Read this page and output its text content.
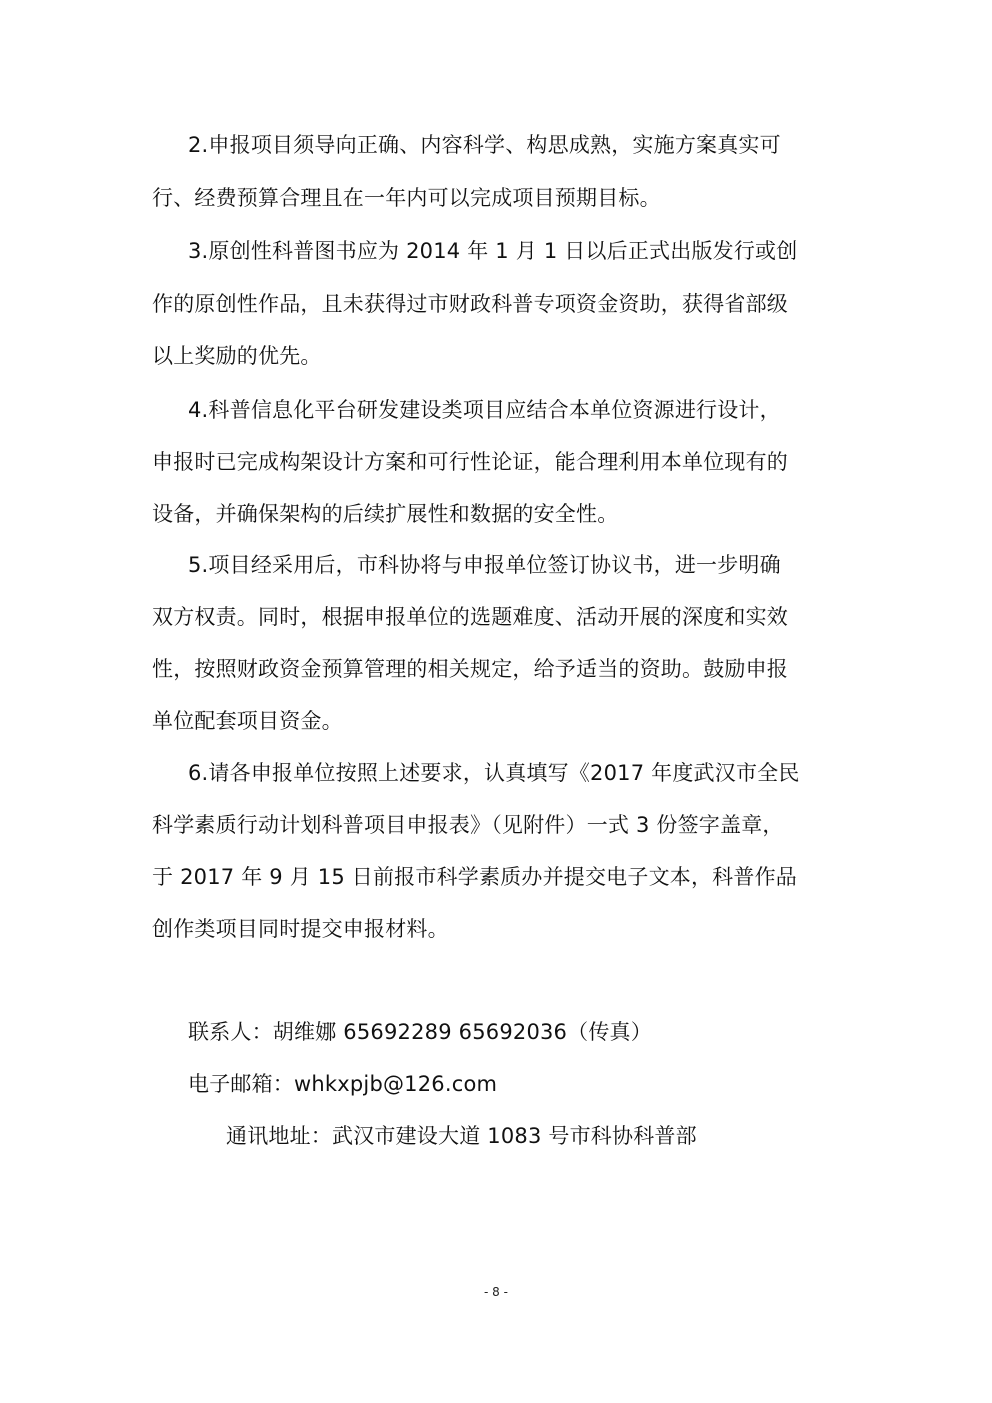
2.申报项目须导向正确、内容科学、构思成熟，实施方案真实可
行、经费预算合理且在一年内可以完成项目预期目标。
3.原创性科普图书应为 2014 年 1 月 1 日以后正式出版发行或创
作的原创性作品，且未获得过市财政科普专项资金资助，获得省部级
以上奖励的优先。
4.科普信息化平台研发建设类项目应结合本单位资源进行设计，
申报时已完成构架设计方案和可行性论证，能合理利用本单位现有的
设备，并确保架构的后续扩展性和数据的安全性。
5.项目经采用后，市科协将与申报单位签订协议书，进一步明确
双方权责。同时，根据申报单位的选题难度、活动开展的深度和实效
性，按照财政资金预算管理的相关规定，给予适当的资助。鼓励申报
单位配套项目资金。
6.请各申报单位按照上述要求，认真填写《2017 年度武汉市全民
科学素质行动计划科普项目申报表》（见附件）一式 3 份签字盖章，
于 2017 年 9 月 15 日前报市科学素质办并提交电子文本，科普作品
创作类项目同时提交申报材料。
联系人：胡维娜 65692289 65692036（传真）
电子邮箱：whkxpjb@126.com
通讯地址：武汉市建设大道 1083 号市科协科普部
- 8 -
